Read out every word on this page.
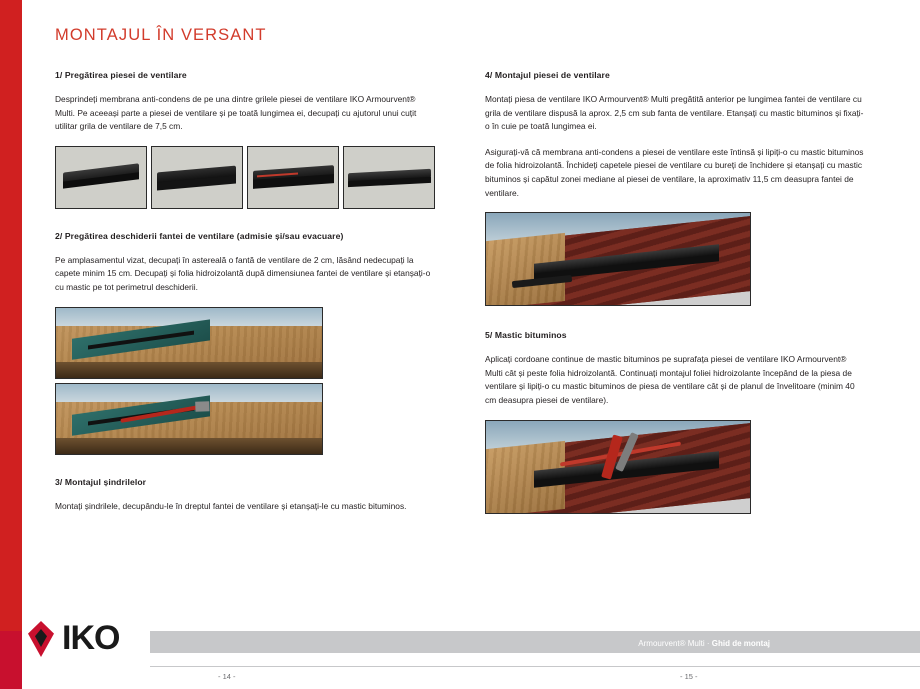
MONTAJUL ÎN VERSANT
1/ Pregătirea piesei de ventilare

Desprindeți membrana anti-condens de pe una dintre grilele piesei de ventilare IKO Armourvent® Multi. Pe aceeași parte a piesei de ventilare și pe toată lungimea ei, decupați cu ajutorul unui cuțit utilitar grila de ventilare de 7,5 cm.

2/ Pregătirea deschiderii fantei de ventilare (admisie și/sau evacuare)

Pe amplasamentul vizat, decupați în astereală o fantă de ventilare de 2 cm, lăsând nedecupați la capete minim 15 cm. Decupați și folia hidroizolantă după dimensiunea fantei de ventilare și etanșați-o cu mastic pe tot perimetrul deschiderii.

3/ Montajul șindrilelor

Montați șindrilele, decupându-le în dreptul fantei de ventilare și etanșați-le cu mastic bituminos.

4/ Montajul piesei de ventilare

Montați piesa de ventilare IKO Armourvent® Multi pregătită anterior pe lungimea fantei de ventilare cu grila de ventilare dispusă la aprox. 2,5 cm sub fanta de ventilare. Etanșați cu mastic bituminos și fixați-o în cuie pe toată lungimea ei.

Asigurați-vă că membrana anti-condens a piesei de ventilare este întinsă și lipiți-o cu mastic bituminos de folia hidroizolantă. Închideți capetele piesei de ventilare cu bureți de închidere și etanșați cu mastic bituminos și capătul zonei mediane al piesei de ventilare, la aproximativ 11,5 cm deasupra fantei de ventilare.

5/ Mastic bituminos

Aplicați cordoane continue de mastic bituminos pe suprafața piesei de ventilare IKO Armourvent® Multi cât și peste folia hidroizolantă. Continuați montajul foliei hidroizolante începând de la piesa de ventilare și lipiți-o cu mastic bituminos de piesa de ventilare cât și de planul de învelitoare (minim 40 cm deasupra piesei de ventilare).

Armourvent® Multi · Ghid de montaj
- 14 -	- 15 -
IKO
